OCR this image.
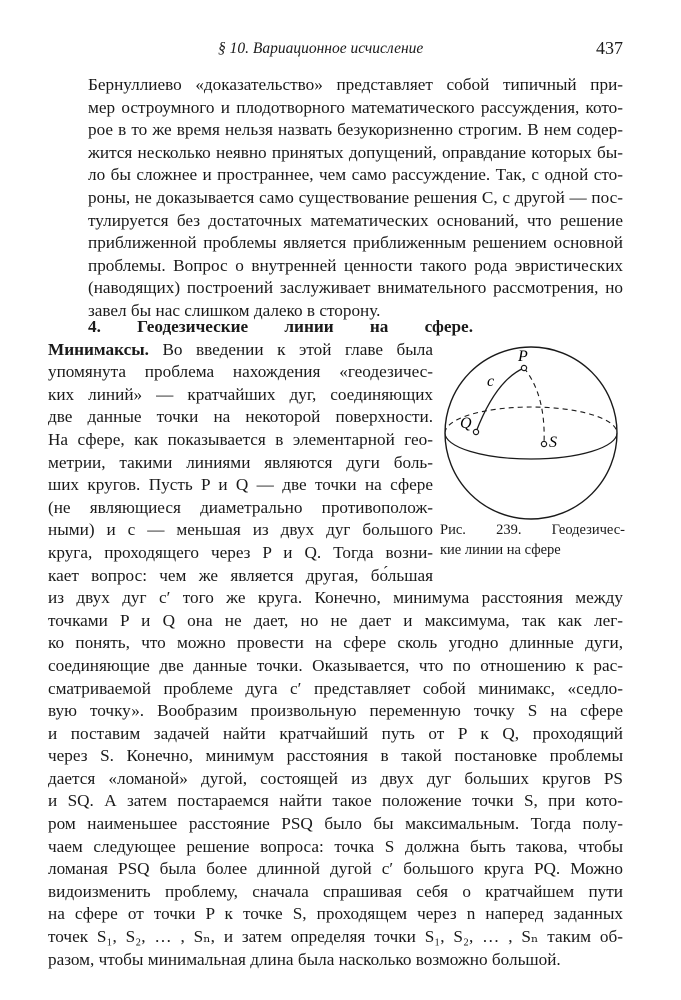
§ 10. Вариационное исчисление	437
Бернуллиево «доказательство» представляет собой типичный при-
мер остроумного и плодотворного математического рассуждения, кото-
рое в то же время нельзя назвать безукоризненно строгим. В нем содер-
жится несколько неявно принятых допущений, оправдание которых бы-
ло бы сложнее и пространнее, чем само рассуждение. Так, с одной сто-
роны, не доказывается само существование решения C, с другой — пос-
тулируется без достаточных математических оснований, что решение
приближенной проблемы является приближенным решением основной
проблемы. Вопрос о внутренней ценности такого рода эвристических
(наводящих) построений заслуживает внимательного рассмотрения, но
завел бы нас слишком далеко в сторону.
4. Геодезические линии на сфере.
Минимаксы. Во введении к этой главе была
упомянута проблема нахождения «геодезичес-
ких линий» — кратчайших дуг, соединяющих
две данные точки на некоторой поверхности.
На сфере, как показывается в элементарной гео-
метрии, такими линиями являются дуги боль-
ших кругов. Пусть P и Q — две точки на сфере
(не являющиеся диаметрально противополож-
ными) и c — меньшая из двух дуг большого
круга, проходящего через P и Q. Тогда возни-
кает вопрос: чем же является другая, бо́льшая
из двух дуг c′ того же круга. Конечно, минимума расстояния между
точками P и Q она не дает, но не дает и максимума, так как лег-
ко понять, что можно провести на сфере сколь угодно длинные дуги,
соединяющие две данные точки. Оказывается, что по отношению к рас-
сматриваемой проблеме дуга c′ представляет собой минимакс, «седло-
вую точку». Вообразим произвольную переменную точку S на сфере
и поставим задачей найти кратчайший путь от P к Q, проходящий
через S. Конечно, минимум расстояния в такой постановке проблемы
дается «ломаной» дугой, состоящей из двух дуг больших кругов PS
и SQ. А затем постараемся найти такое положение точки S, при кото-
ром наименьшее расстояние PSQ было бы максимальным. Тогда полу-
чаем следующее решение вопроса: точка S должна быть такова, чтобы
ломаная PSQ была более длинной дугой c′ большого круга PQ. Можно
видоизменить проблему, сначала спрашивая себя о кратчайшем пути
на сфере от точки P к точке S, проходящем через n наперед заданных
точек S₁, S₂, … , Sₙ, и затем определяя точки S₁, S₂, … , Sₙ таким об-
разом, чтобы минимальная длина была насколько возможно большой.
P
c
Q
S
Рис. 239. Геодезичес-
кие линии на сфере
